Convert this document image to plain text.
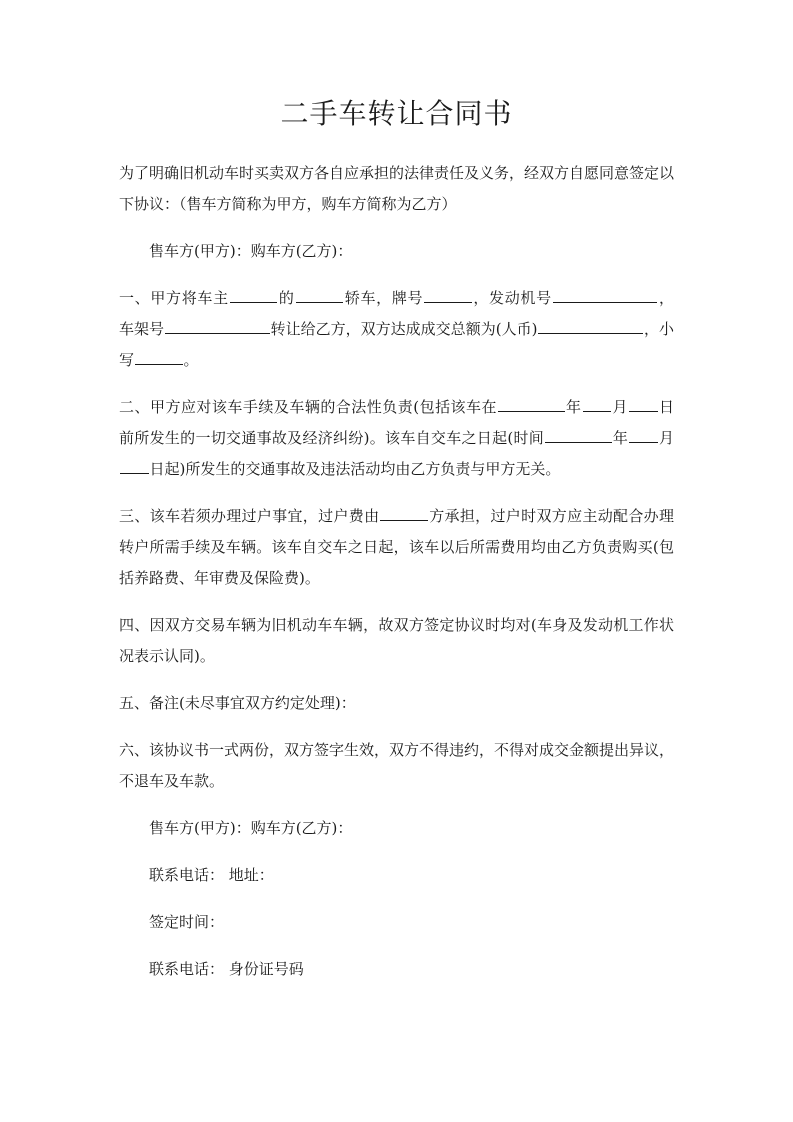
二手车转让合同书

为了明确旧机动车时买卖双方各自应承担的法律责任及义务，经双方自愿同意签定以下协议：（售车方简称为甲方，购车方简称为乙方）

售车方(甲方)：购车方(乙方)：

一、甲方将车主	的	轿车，牌号	，发动机号	，车架号	转让给乙方，双方达成成交总额为(人币)	，小写	。

二、甲方应对该车手续及车辆的合法性负责(包括该车在	年 月 日前所发生的一切交通事故及经济纠纷)。该车自交车之日起(时间	年 月日起)所发生的交通事故及违法活动均由乙方负责与甲方无关。

三、该车若须办理过户事宜，过户费由	方承担，过户时双方应主动配合办理转户所需手续及车辆。该车自交车之日起，该车以后所需费用均由乙方负责购买(包括养路费、年审费及保险费)。

四、因双方交易车辆为旧机动车车辆，故双方签定协议时均对(车身及发动机工作状况表示认同)。

五、备注(未尽事宜双方约定处理)：

六、该协议书一式两份，双方签字生效，双方不得违约，不得对成交金额提出异议，不退车及车款。

售车方(甲方)：购车方(乙方)：

联系电话： 地址：

签定时间：

联系电话： 身份证号码
